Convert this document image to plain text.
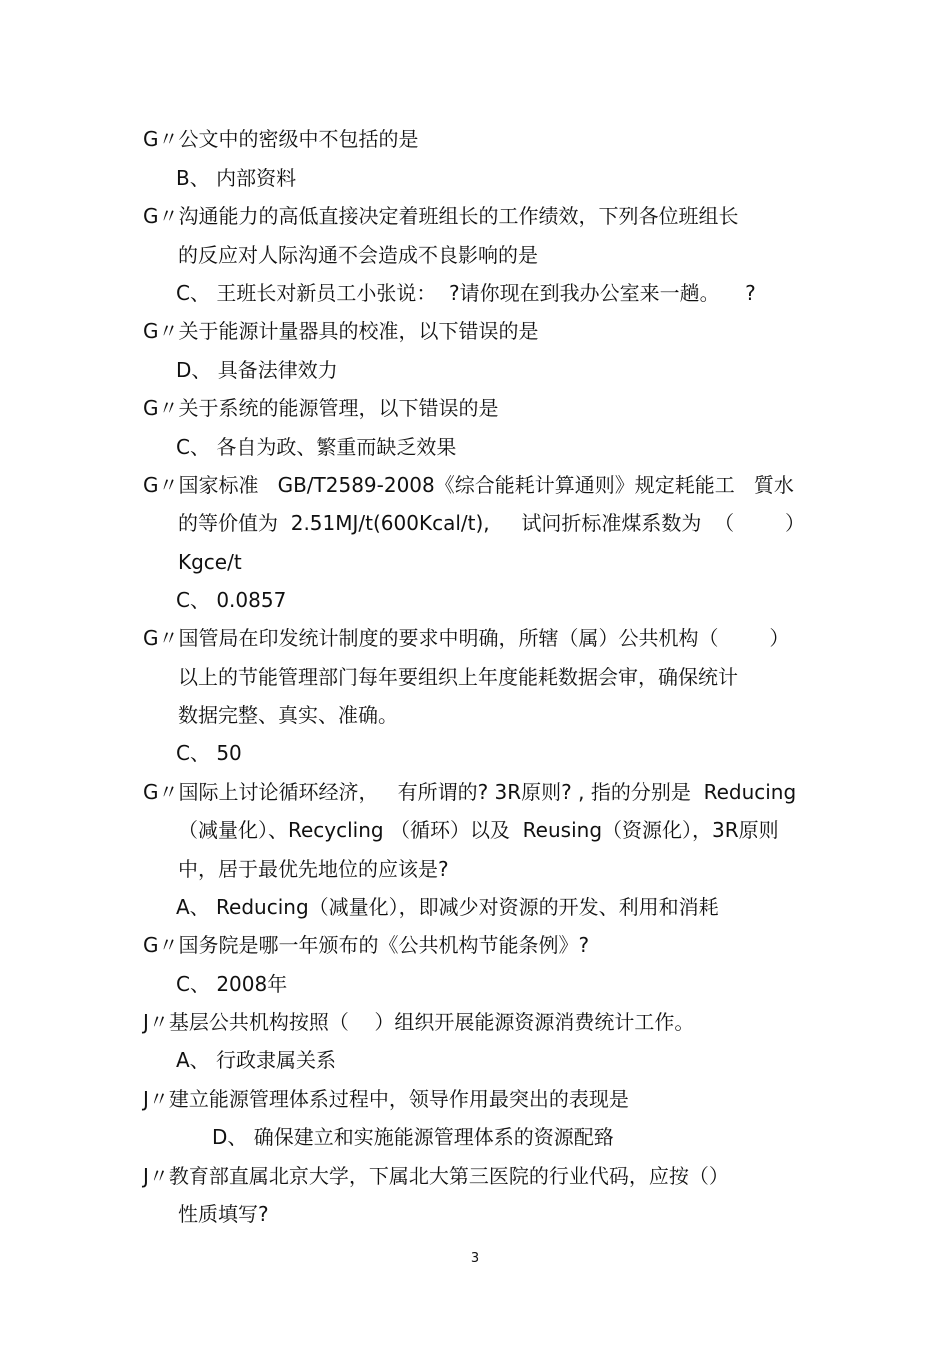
G〃公文中的密级中不包括的是
B、 内部资料
G〃沟通能力的高低直接决定着班组长的工作绩效，下列各位班组长
的反应对人际沟通不会造成不良影响的是
C、 王班长对新员工小张说：  ?请你现在到我办公室来一趟。    ?
G〃关于能源计量器具的校准，以下错误的是
D、 具备法律效力
G〃关于系统的能源管理，以下错误的是
C、 各自为政、繁重而缺乏效果
G〃国家标准   GB/T2589-2008《综合能耗计算通则》规定耗能工   質水
的等价值为  2.51MJ/t(600Kcal/t),     试问折标准煤系数为  （        ）
Kgce/t
C、 0.0857
G〃国管局在印发统计制度的要求中明确，所辖（属）公共机构（        ）
以上的节能管理部门每年要组织上年度能耗数据会审，确保统计
数据完整、真实、准确。
C、 50
G〃国际上讨论循环经济，   有所谓的? 3R原则? , 指的分别是  Reducing
（减量化）、Recycling （循环）以及  Reusing（资源化），3R原则
中，居于最优先地位的应该是?
A、 Reducing（减量化），即减少对资源的开发、利用和消耗
G〃国务院是哪一年颁布的《公共机构节能条例》?
C、 2008年
J〃基层公共机构按照（    ）组织开展能源资源消费统计工作。
A、 行政隶属关系
J〃建立能源管理体系过程中，领导作用最突出的表现是
D、 确保建立和实施能源管理体系的资源配臵
J〃教育部直属北京大学，下属北大第三医院的行业代码，应按（）
性质填写?
3
